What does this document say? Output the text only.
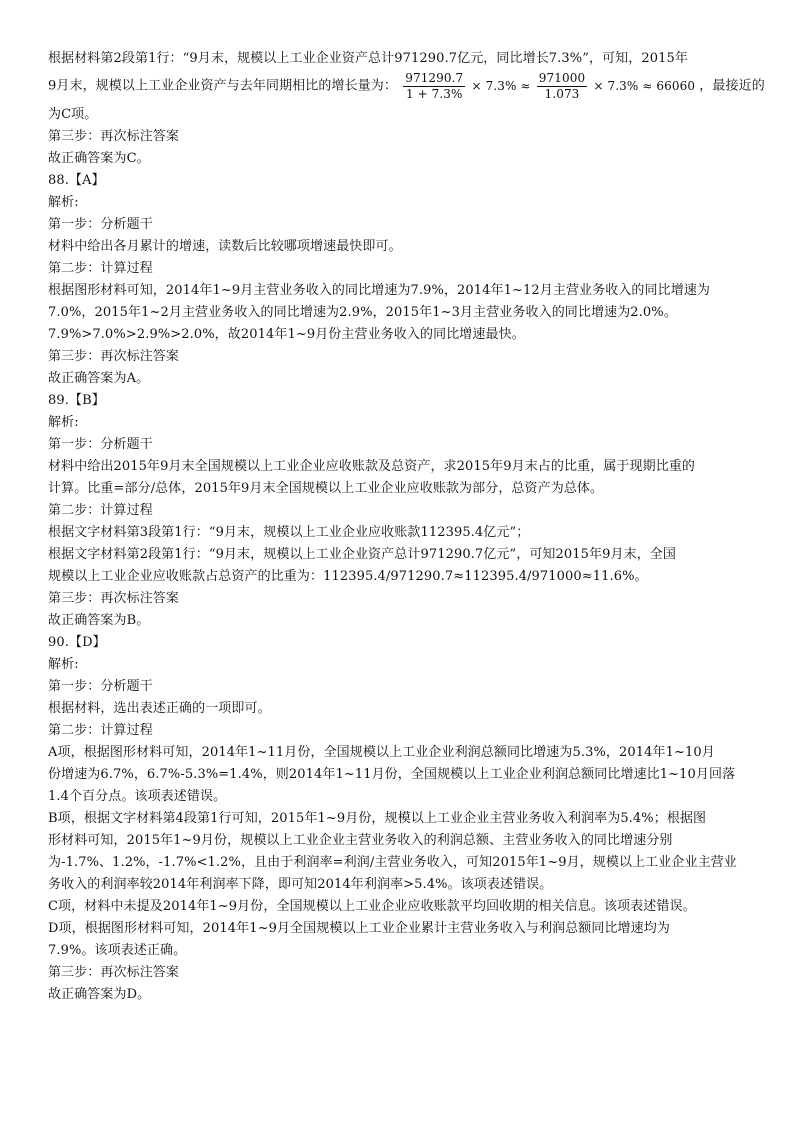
根据材料第2段第1行：“9月末，规模以上工业企业资产总计971290.7亿元，同比增长7.3%”，可知，2015年
9月末，规模以上工业企业资产与去年同期相比的增长量为： $\frac{971290.7}{1 + 7.3\%} \times 7.3\% \approx \frac{971000}{1.073} \times 7.3\% \approx 66060$ ，最接近的
为C项。
第三步：再次标注答案
故正确答案为C。
88.【A】
解析:
第一步：分析题干
材料中给出各月累计的增速，读数后比较哪项增速最快即可。
第二步：计算过程
根据图形材料可知，2014年1~9月主营业务收入的同比增速为7.9%，2014年1~12月主营业务收入的同比增速为
7.0%，2015年1~2月主营业务收入的同比增速为2.9%，2015年1~3月主营业务收入的同比增速为2.0%。
7.9%>7.0%>2.9%>2.0%，故2014年1~9月份主营业务收入的同比增速最快。
第三步：再次标注答案
故正确答案为A。
89.【B】
解析:
第一步：分析题干
材料中给出2015年9月末全国规模以上工业企业应收账款及总资产，求2015年9月末占的比重，属于现期比重的
计算。比重=部分/总体，2015年9月末全国规模以上工业企业应收账款为部分，总资产为总体。
第二步：计算过程
根据文字材料第3段第1行：“9月末，规模以上工业企业应收账款112395.4亿元”；
根据文字材料第2段第1行：“9月末，规模以上工业企业资产总计971290.7亿元”，可知2015年9月末，全国
规模以上工业企业应收账款占总资产的比重为：112395.4/971290.7≈112395.4/971000≈11.6%。
第三步：再次标注答案
故正确答案为B。
90.【D】
解析:
第一步：分析题干
根据材料，选出表述正确的一项即可。
第二步：计算过程
A项，根据图形材料可知，2014年1~11月份，全国规模以上工业企业利润总额同比增速为5.3%，2014年1~10月
份增速为6.7%，6.7%-5.3%=1.4%，则2014年1~11月份，全国规模以上工业企业利润总额同比增速比1~10月回落
1.4个百分点。该项表述错误。
B项，根据文字材料第4段第1行可知，2015年1~9月份，规模以上工业企业主营业务收入利润率为5.4%；根据图
形材料可知，2015年1~9月份，规模以上工业企业主营业务收入的利润总额、主营业务收入的同比增速分别
为-1.7%、1.2%，-1.7%<1.2%，且由于利润率=利润/主营业务收入，可知2015年1~9月，规模以上工业企业主营业
务收入的利润率较2014年利润率下降，即可知2014年利润率>5.4%。该项表述错误。
C项，材料中未提及2014年1~9月份，全国规模以上工业企业应收账款平均回收期的相关信息。该项表述错误。
D项，根据图形材料可知，2014年1~9月全国规模以上工业企业累计主营业务收入与利润总额同比增速均为
7.9%。该项表述正确。
第三步：再次标注答案
故正确答案为D。
